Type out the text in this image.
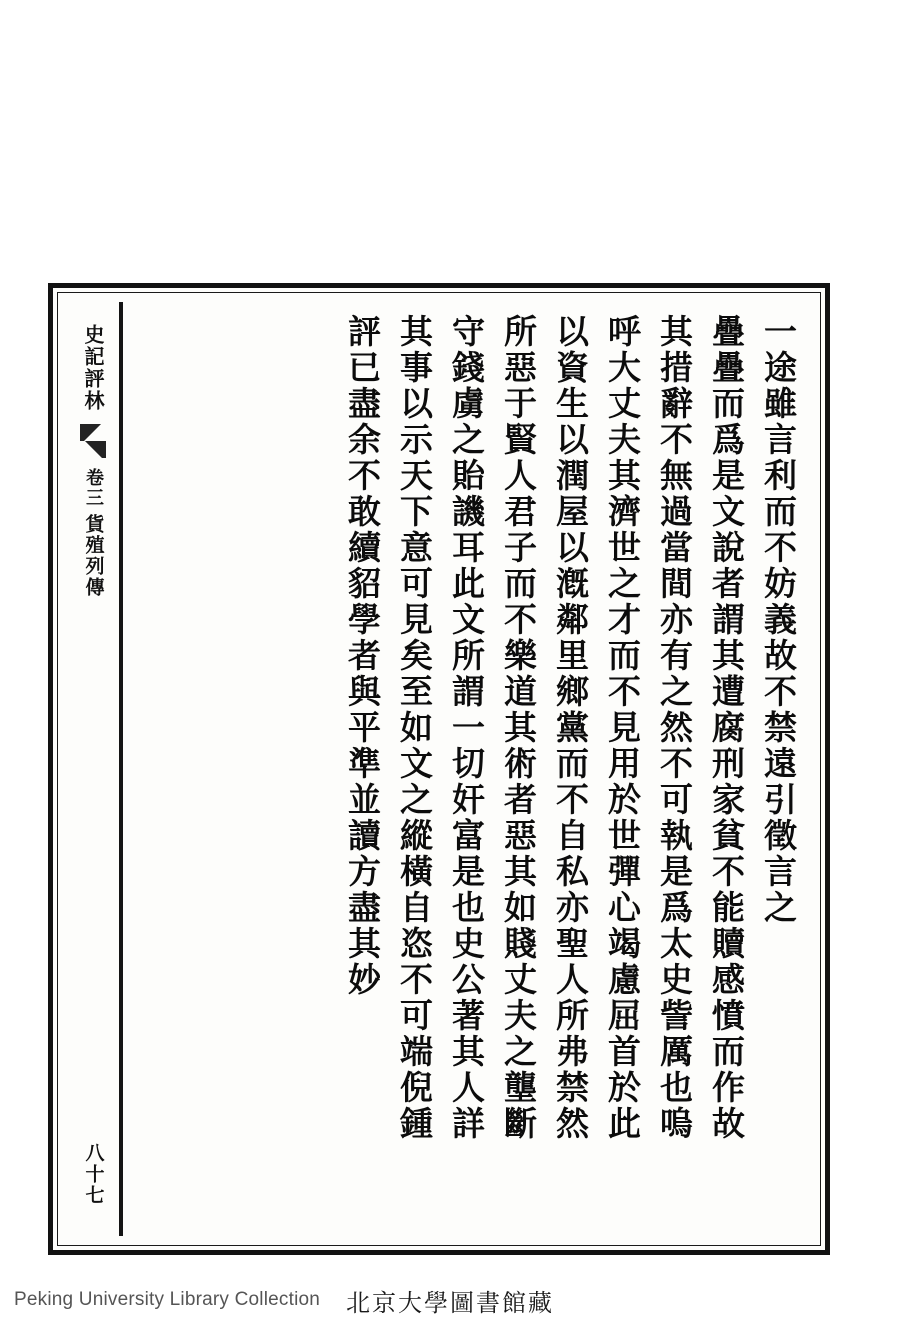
史記評林
卷三
貨殖列傳
八十七
一途雖言利而不妨義故不禁遠引徵言之
疊疊而爲是文說者謂其遭腐刑家貧不能贖感憤而作故
其措辭不無過當間亦有之然不可執是爲太史訾厲也嗚
呼大丈夫其濟世之才而不見用於世彈心竭慮屈首於此
以資生以潤屋以漑鄰里鄉黨而不自私亦聖人所弗禁然
所惡于賢人君子而不樂道其術者惡其如賤丈夫之壟斷
守錢虜之貽譏耳此文所謂一切奸富是也史公著其人詳
其事以示天下意可見矣至如文之縱橫自恣不可端倪鍾
評已盡余不敢續貂學者與平準並讀方盡其妙
Peking University Library Collection 北京大學圖書館藏
